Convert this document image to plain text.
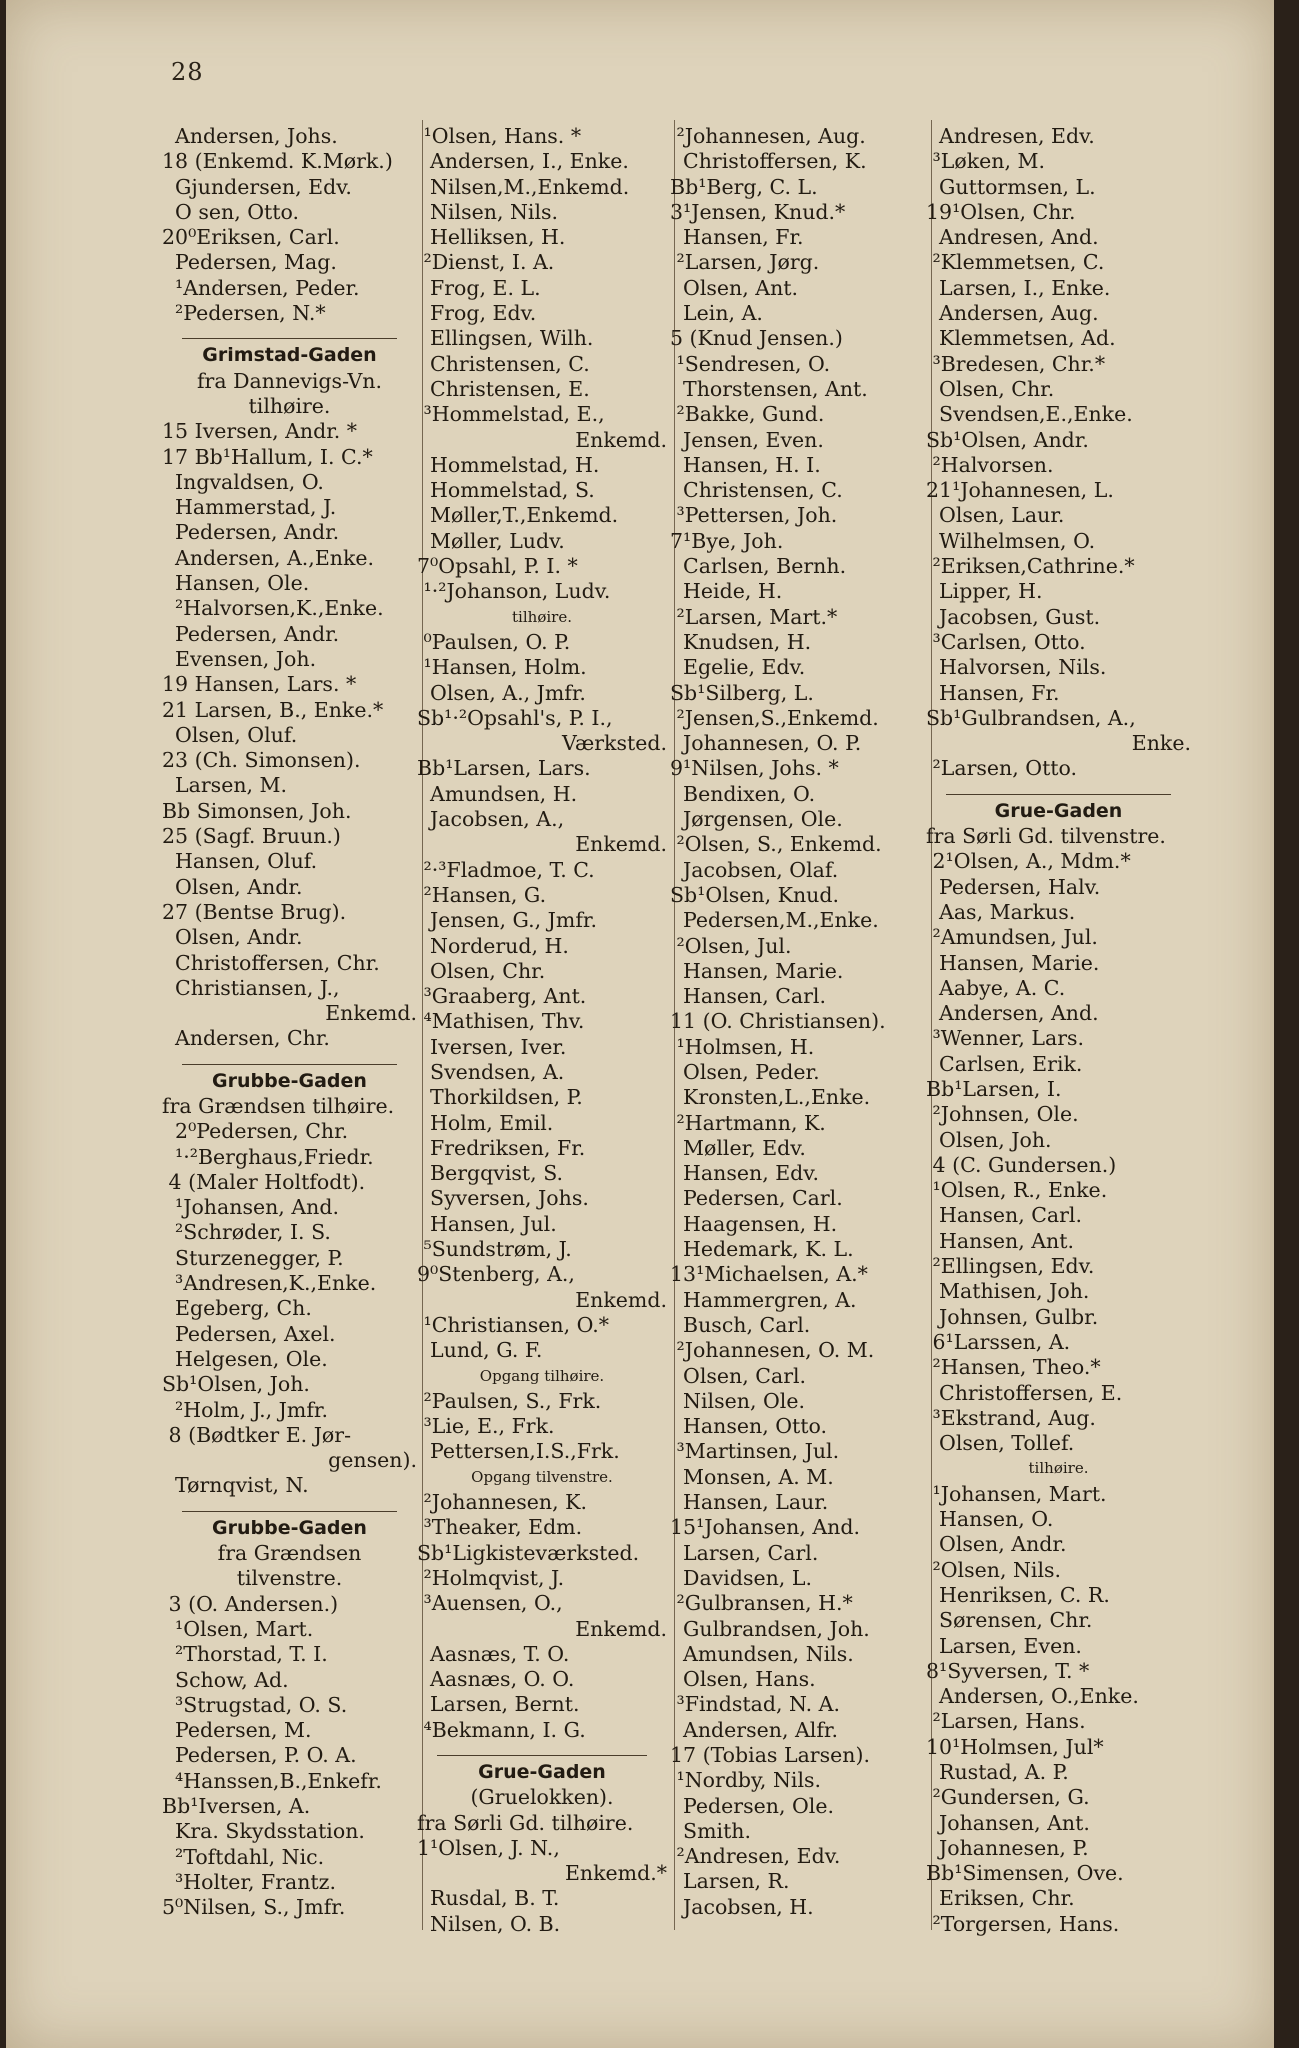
28
Andersen, Johs.
18 (Enkemd. K.Mørk.)
Gjundersen, Edv.
O sen, Otto.
20⁰Eriksen, Carl.
Pedersen, Mag.
¹Andersen, Peder.
²Pedersen, N.*
Grimstad-Gaden
fra Dannevigs-Vn.
tilhøire.
15 Iversen, Andr. *
17 Bb¹Hallum, I. C.*
Ingvaldsen, O.
Hammerstad, J.
Pedersen, Andr.
Andersen, A.,Enke.
Hansen, Ole.
²Halvorsen,K.,Enke.
Pedersen, Andr.
Evensen, Joh.
19 Hansen, Lars. *
21 Larsen, B., Enke.*
Olsen, Oluf.
23 (Ch. Simonsen).
Larsen, M.
Bb Simonsen, Joh.
25 (Sagf. Bruun.)
Hansen, Oluf.
Olsen, Andr.
27 (Bentse Brug).
Olsen, Andr.
Christoffersen, Chr.
Christiansen, J.,
Enkemd.
Andersen, Chr.
Grubbe-Gaden
fra Grændsen tilhøire.
2⁰Pedersen, Chr.
¹·²Berghaus,Friedr.
4 (Maler Holtfodt).
¹Johansen, And.
²Schrøder, I. S.
Sturzenegger, P.
³Andresen,K.,Enke.
Egeberg, Ch.
Pedersen, Axel.
Helgesen, Ole.
Sb¹Olsen, Joh.
²Holm, J., Jmfr.
8 (Bødtker E. Jør-
gensen).
Tørnqvist, N.
Grubbe-Gaden
fra Grændsen
tilvenstre.
3 (O. Andersen.)
¹Olsen, Mart.
²Thorstad, T. I.
Schow, Ad.
³Strugstad, O. S.
Pedersen, M.
Pedersen, P. O. A.
⁴Hanssen,B.,Enkefr.
Bb¹Iversen, A.
Kra. Skydsstation.
²Toftdahl, Nic.
³Holter, Frantz.
5⁰Nilsen, S., Jmfr.
¹Olsen, Hans. *
Andersen, I., Enke.
Nilsen,M.,Enkemd.
Nilsen, Nils.
Helliksen, H.
²Dienst, I. A.
Frog, E. L.
Frog, Edv.
Ellingsen, Wilh.
Christensen, C.
Christensen, E.
³Hommelstad, E.,
Enkemd.
Hommelstad, H.
Hommelstad, S.
Møller,T.,Enkemd.
Møller, Ludv.
7⁰Opsahl, P. I. *
¹·²Johanson, Ludv.
tilhøire.
⁰Paulsen, O. P.
¹Hansen, Holm.
Olsen, A., Jmfr.
Sb¹·²Opsahl's, P. I.,
Værksted.
Bb¹Larsen, Lars.
Amundsen, H.
Jacobsen, A.,
Enkemd.
²·³Fladmoe, T. C.
²Hansen, G.
Jensen, G., Jmfr.
Norderud, H.
Olsen, Chr.
³Graaberg, Ant.
⁴Mathisen, Thv.
Iversen, Iver.
Svendsen, A.
Thorkildsen, P.
Holm, Emil.
Fredriksen, Fr.
Bergqvist, S.
Syversen, Johs.
Hansen, Jul.
⁵Sundstrøm, J.
9⁰Stenberg, A.,
Enkemd.
¹Christiansen, O.*
Lund, G. F.
Opgang tilhøire.
²Paulsen, S., Frk.
³Lie, E., Frk.
Pettersen,I.S.,Frk.
Opgang tilvenstre.
²Johannesen, K.
³Theaker, Edm.
Sb¹Ligkisteværksted.
²Holmqvist, J.
³Auensen, O.,
Enkemd.
Aasnæs, T. O.
Aasnæs, O. O.
Larsen, Bernt.
⁴Bekmann, I. G.
Grue-Gaden
(Gruelokken).
fra Sørli Gd. tilhøire.
1¹Olsen, J. N.,
Enkemd.*
Rusdal, B. T.
Nilsen, O. B.
²Johannesen, Aug.
Christoffersen, K.
Bb¹Berg, C. L.
3¹Jensen, Knud.*
Hansen, Fr.
²Larsen, Jørg.
Olsen, Ant.
Lein, A.
5 (Knud Jensen.)
¹Sendresen, O.
Thorstensen, Ant.
²Bakke, Gund.
Jensen, Even.
Hansen, H. I.
Christensen, C.
³Pettersen, Joh.
7¹Bye, Joh.
Carlsen, Bernh.
Heide, H.
²Larsen, Mart.*
Knudsen, H.
Egelie, Edv.
Sb¹Silberg, L.
²Jensen,S.,Enkemd.
Johannesen, O. P.
9¹Nilsen, Johs. *
Bendixen, O.
Jørgensen, Ole.
²Olsen, S., Enkemd.
Jacobsen, Olaf.
Sb¹Olsen, Knud.
Pedersen,M.,Enke.
²Olsen, Jul.
Hansen, Marie.
Hansen, Carl.
11 (O. Christiansen).
¹Holmsen, H.
Olsen, Peder.
Kronsten,L.,Enke.
²Hartmann, K.
Møller, Edv.
Hansen, Edv.
Pedersen, Carl.
Haagensen, H.
Hedemark, K. L.
13¹Michaelsen, A.*
Hammergren, A.
Busch, Carl.
²Johannesen, O. M.
Olsen, Carl.
Nilsen, Ole.
Hansen, Otto.
³Martinsen, Jul.
Monsen, A. M.
Hansen, Laur.
15¹Johansen, And.
Larsen, Carl.
Davidsen, L.
²Gulbransen, H.*
Gulbrandsen, Joh.
Amundsen, Nils.
Olsen, Hans.
³Findstad, N. A.
Andersen, Alfr.
17 (Tobias Larsen).
¹Nordby, Nils.
Pedersen, Ole.
Smith.
²Andresen, Edv.
Larsen, R.
Jacobsen, H.
Andresen, Edv.
³Løken, M.
Guttormsen, L.
19¹Olsen, Chr.
Andresen, And.
²Klemmetsen, C.
Larsen, I., Enke.
Andersen, Aug.
Klemmetsen, Ad.
³Bredesen, Chr.*
Olsen, Chr.
Svendsen,E.,Enke.
Sb¹Olsen, Andr.
²Halvorsen.
21¹Johannesen, L.
Olsen, Laur.
Wilhelmsen, O.
²Eriksen,Cathrine.*
Lipper, H.
Jacobsen, Gust.
³Carlsen, Otto.
Halvorsen, Nils.
Hansen, Fr.
Sb¹Gulbrandsen, A.,
Enke.
²Larsen, Otto.
Grue-Gaden
fra Sørli Gd. tilvenstre.
2¹Olsen, A., Mdm.*
Pedersen, Halv.
Aas, Markus.
²Amundsen, Jul.
Hansen, Marie.
Aabye, A. C.
Andersen, And.
³Wenner, Lars.
Carlsen, Erik.
Bb¹Larsen, I.
²Johnsen, Ole.
Olsen, Joh.
4 (C. Gundersen.)
¹Olsen, R., Enke.
Hansen, Carl.
Hansen, Ant.
²Ellingsen, Edv.
Mathisen, Joh.
Johnsen, Gulbr.
6¹Larssen, A.
²Hansen, Theo.*
Christoffersen, E.
³Ekstrand, Aug.
Olsen, Tollef.
tilhøire.
¹Johansen, Mart.
Hansen, O.
Olsen, Andr.
²Olsen, Nils.
Henriksen, C. R.
Sørensen, Chr.
Larsen, Even.
8¹Syversen, T. *
Andersen, O.,Enke.
²Larsen, Hans.
10¹Holmsen, Jul*
Rustad, A. P.
²Gundersen, G.
Johansen, Ant.
Johannesen, P.
Bb¹Simensen, Ove.
Eriksen, Chr.
²Torgersen, Hans.
